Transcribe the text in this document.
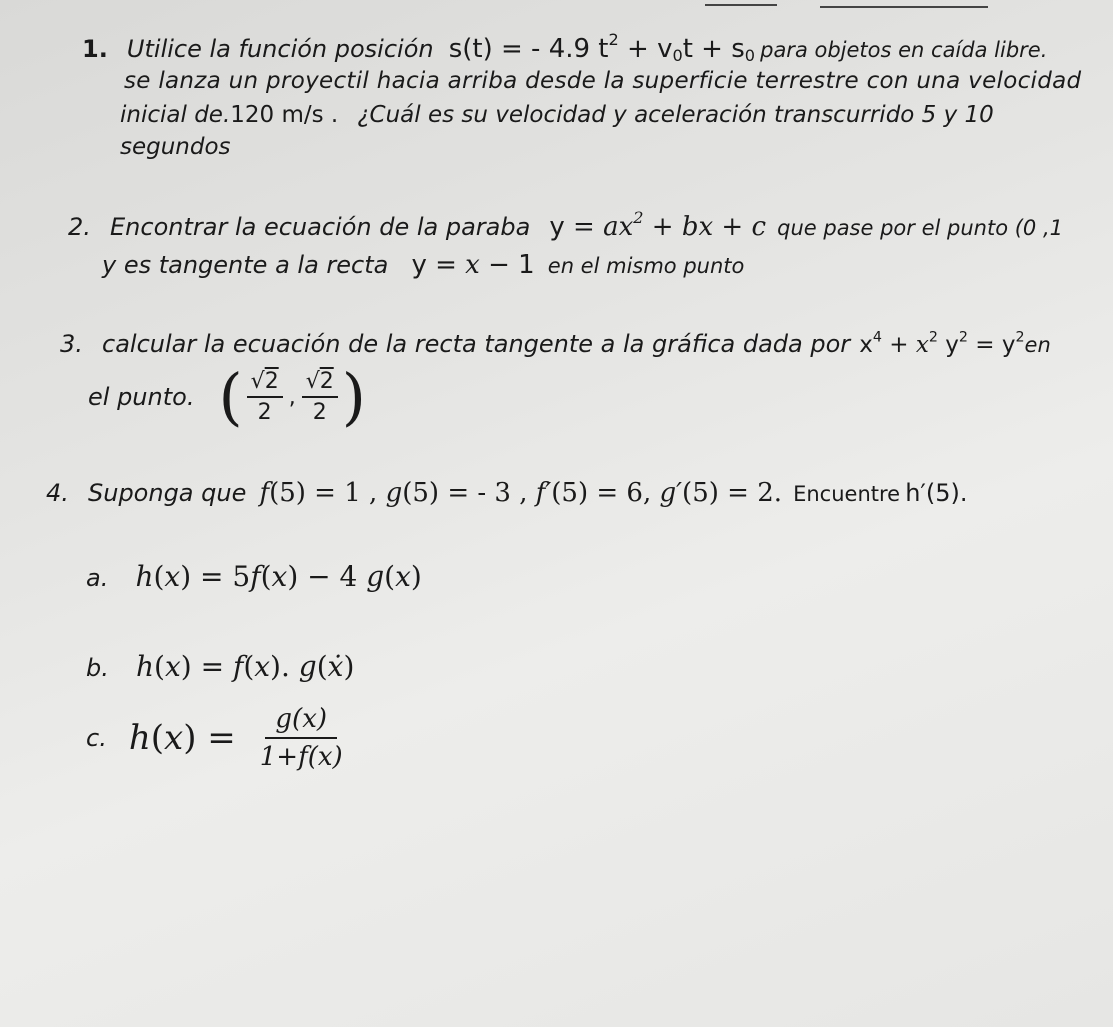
1. Utilice la función posición s(t) = - 4.9 $t^2 + v_0t + s_0$ para objetos en caída libre.
se lanza un proyectil hacia arriba desde la superficie terrestre con una velocidad
inicial de.120 m/s . ¿Cuál es su velocidad y aceleración transcurrido 5 y 10
segundos
2. Encontrar la ecuación de la paraba $y = ax^2$ + bx + c que pase por el punto (0 ,1
y es tangente a la recta y = x − 1 en el mismo punto
3. calcular la ecuación de la recta tangente a la gráfica dada por $x^4 + x^2$ $y^2 = y^2en$
el punto. ( $\frac{√2}{2}$ , $\frac{√2}{2}$ )
4. Suponga que f(5) = 1 , g(5) = - 3 , f′(5) = 6, g′(5) = 2. Encuentre h′(5).
a. h(x) = 5f(x) − 4 g(x)
b. h(x) = f(x). g(ẋ)
c. $h(x) = \frac{g(x)}{1+f(x)}$
